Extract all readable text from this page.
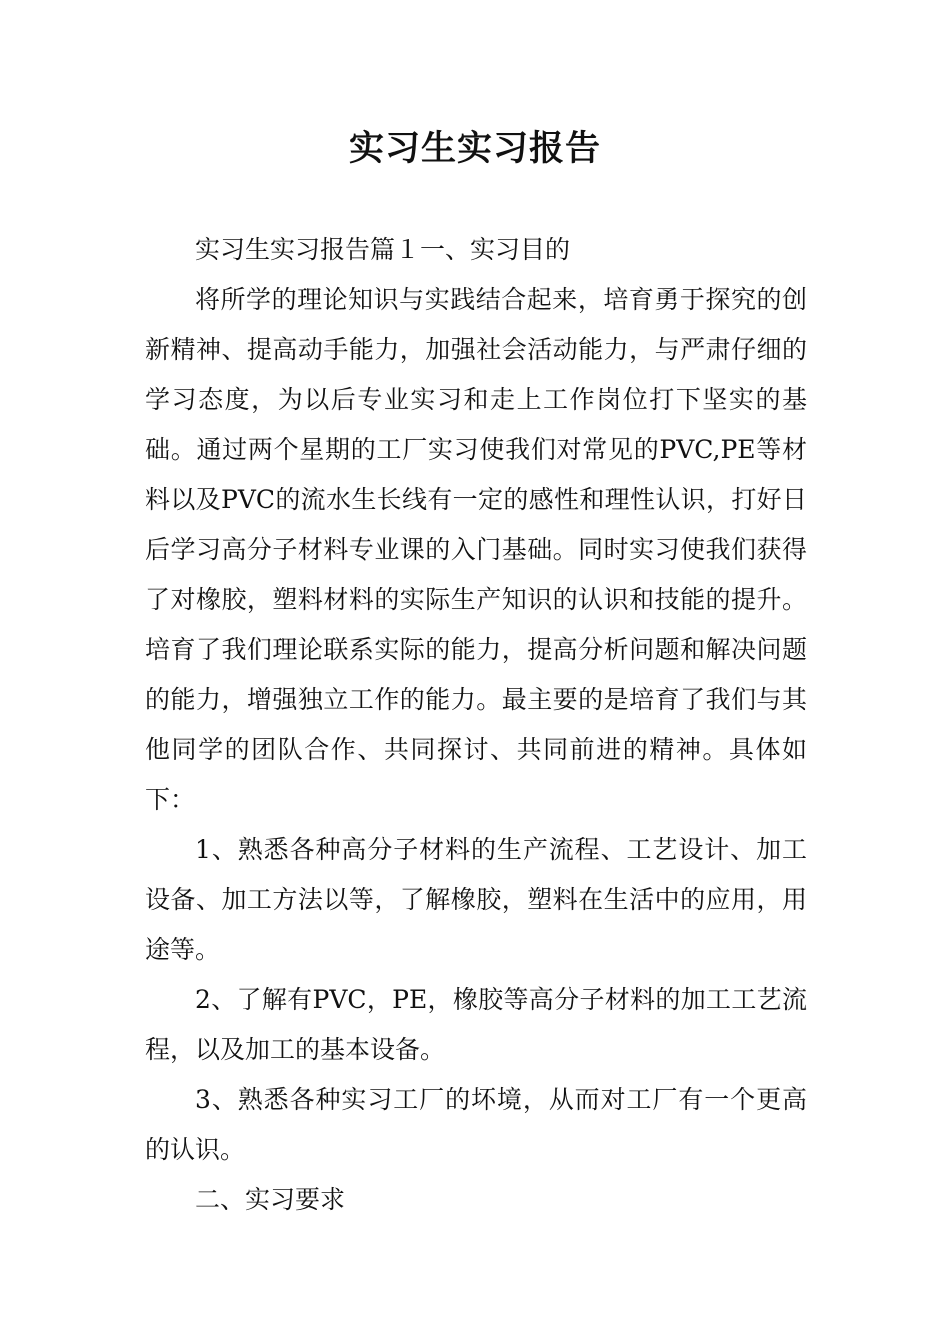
实习生实习报告

实习生实习报告篇１一、实习目的

将所学的理论知识与实践结合起来，培育勇于探究的创新精神、提高动手能力，加强社会活动能力，与严肃仔细的学习态度，为以后专业实习和走上工作岗位打下坚实的基础。通过两个星期的工厂实习使我们对常见的PVC,PE等材料以及PVC的流水生长线有一定的感性和理性认识，打好日后学习高分子材料专业课的入门基础。同时实习使我们获得了对橡胶，塑料材料的实际生产知识的认识和技能的提升。培育了我们理论联系实际的能力，提高分析问题和解决问题的能力，增强独立工作的能力。最主要的是培育了我们与其他同学的团队合作、共同探讨、共同前进的精神。具体如下：

1、熟悉各种高分子材料的生产流程、工艺设计、加工设备、加工方法以等，了解橡胶，塑料在生活中的应用，用途等。

2、了解有PVC，PE，橡胶等高分子材料的加工工艺流程，以及加工的基本设备。

3、熟悉各种实习工厂的坏境，从而对工厂有一个更高的认识。

二、实习要求
